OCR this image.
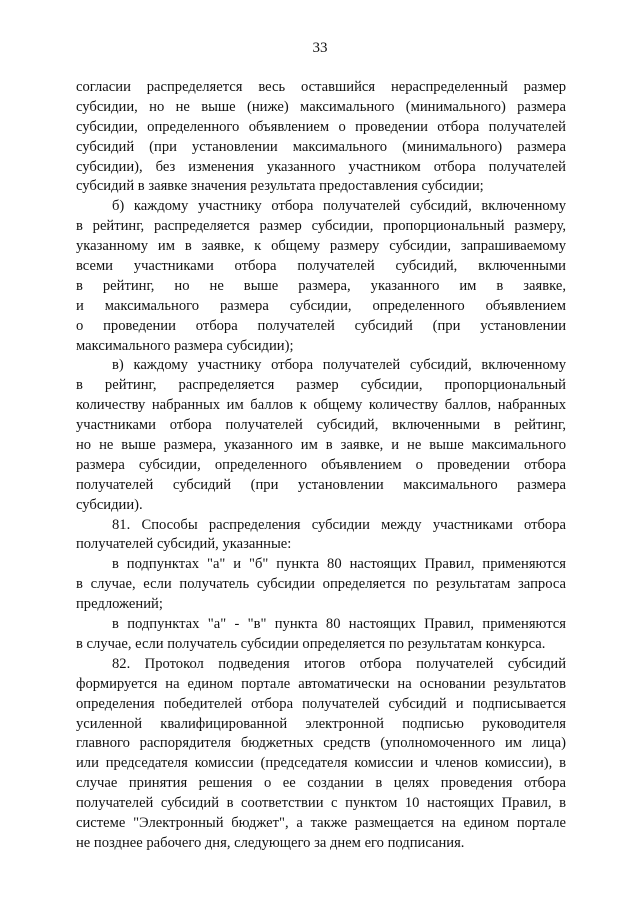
33
согласии распределяется весь оставшийся нераспределенный размер
субсидии, но не выше (ниже) максимального (минимального) размера
субсидии, определенного объявлением о проведении отбора получателей
субсидий (при установлении максимального (минимального) размера
субсидии), без изменения указанного участником отбора получателей
субсидий в заявке значения результата предоставления субсидии;
б) каждому участнику отбора получателей субсидий, включенному
в рейтинг, распределяется размер субсидии, пропорциональный размеру,
указанному им в заявке, к общему размеру субсидии, запрашиваемому
всеми участниками отбора получателей субсидий, включенными
в рейтинг, но не выше размера, указанного им в заявке,
и максимального размера субсидии, определенного объявлением
о проведении отбора получателей субсидий (при установлении
максимального размера субсидии);
в) каждому участнику отбора получателей субсидий, включенному
в рейтинг, распределяется размер субсидии, пропорциональный
количеству набранных им баллов к общему количеству баллов, набранных
участниками отбора получателей субсидий, включенными в рейтинг,
но не выше размера, указанного им в заявке, и не выше максимального
размера субсидии, определенного объявлением о проведении отбора
получателей субсидий (при установлении максимального размера
субсидии).
81. Способы распределения субсидии между участниками отбора
получателей субсидий, указанные:
в подпунктах "а" и "б" пункта 80 настоящих Правил, применяются
в случае, если получатель субсидии определяется по результатам запроса
предложений;
в подпунктах "а" - "в" пункта 80 настоящих Правил, применяются
в случае, если получатель субсидии определяется по результатам конкурса.
82. Протокол подведения итогов отбора получателей субсидий
формируется на едином портале автоматически на основании результатов
определения победителей отбора получателей субсидий и подписывается
усиленной квалифицированной электронной подписью руководителя
главного распорядителя бюджетных средств (уполномоченного им лица)
или председателя комиссии (председателя комиссии и членов комиссии), в
случае принятия решения о ее создании в целях проведения отбора
получателей субсидий в соответствии с пунктом 10 настоящих Правил, в
системе "Электронный бюджет", а также размещается на едином портале
не позднее рабочего дня, следующего за днем его подписания.
